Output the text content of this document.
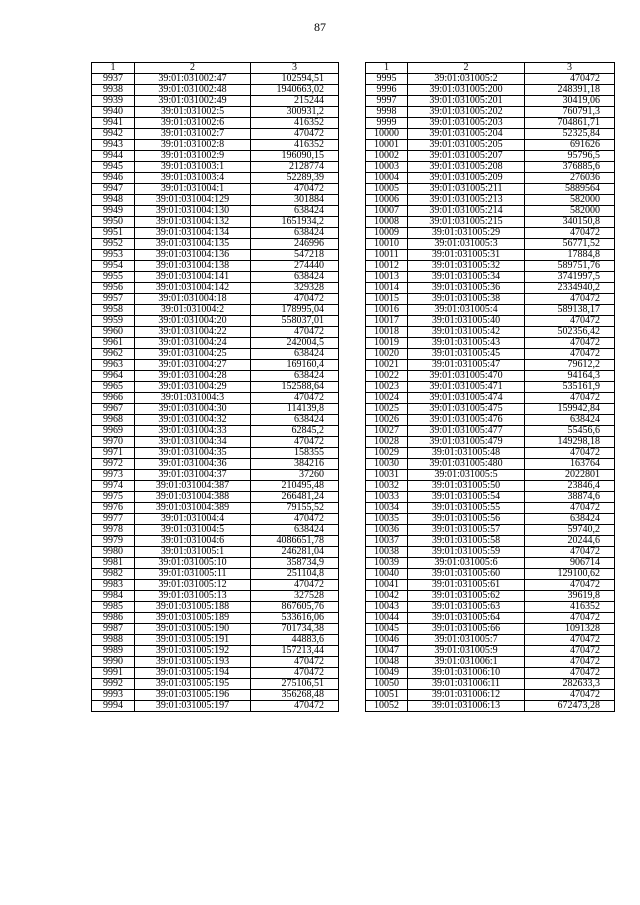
87
1	2	3
9937	39:01:031002:47	102594,51
9938	39:01:031002:48	1940663,02
9939	39:01:031002:49	215244
9940	39:01:031002:5	300931,2
9941	39:01:031002:6	416352
9942	39:01:031002:7	470472
9943	39:01:031002:8	416352
9944	39:01:031002:9	196090,15
9945	39:01:031003:1	2128774
9946	39:01:031003:4	52289,39
9947	39:01:031004:1	470472
9948	39:01:031004:129	301884
9949	39:01:031004:130	638424
9950	39:01:031004:132	1651934,2
9951	39:01:031004:134	638424
9952	39:01:031004:135	246996
9953	39:01:031004:136	547218
9954	39:01:031004:138	274440
9955	39:01:031004:141	638424
9956	39:01:031004:142	329328
9957	39:01:031004:18	470472
9958	39:01:031004:2	178995,04
9959	39:01:031004:20	558037,01
9960	39:01:031004:22	470472
9961	39:01:031004:24	242004,5
9962	39:01:031004:25	638424
9963	39:01:031004:27	169160,4
9964	39:01:031004:28	638424
9965	39:01:031004:29	152588,64
9966	39:01:031004:3	470472
9967	39:01:031004:30	114139,8
9968	39:01:031004:32	638424
9969	39:01:031004:33	62845,2
9970	39:01:031004:34	470472
9971	39:01:031004:35	158355
9972	39:01:031004:36	384216
9973	39:01:031004:37	37260
9974	39:01:031004:387	210495,48
9975	39:01:031004:388	266481,24
9976	39:01:031004:389	79155,52
9977	39:01:031004:4	470472
9978	39:01:031004:5	638424
9979	39:01:031004:6	4086651,78
9980	39:01:031005:1	246281,04
9981	39:01:031005:10	358734,9
9982	39:01:031005:11	251104,8
9983	39:01:031005:12	470472
9984	39:01:031005:13	327528
9985	39:01:031005:188	867605,76
9986	39:01:031005:189	533616,06
9987	39:01:031005:190	701734,38
9988	39:01:031005:191	44883,6
9989	39:01:031005:192	157213,44
9990	39:01:031005:193	470472
9991	39:01:031005:194	470472
9992	39:01:031005:195	275106,51
9993	39:01:031005:196	356268,48
9994	39:01:031005:197	470472
1	2	3
9995	39:01:031005:2	470472
9996	39:01:031005:200	248391,18
9997	39:01:031005:201	30419,06
9998	39:01:031005:202	760791,3
9999	39:01:031005:203	704861,71
10000	39:01:031005:204	52325,84
10001	39:01:031005:205	691626
10002	39:01:031005:207	95796,5
10003	39:01:031005:208	376885,6
10004	39:01:031005:209	276036
10005	39:01:031005:211	5889564
10006	39:01:031005:213	582000
10007	39:01:031005:214	582000
10008	39:01:031005:215	340150,8
10009	39:01:031005:29	470472
10010	39:01:031005:3	56771,52
10011	39:01:031005:31	17884,8
10012	39:01:031005:32	589751,76
10013	39:01:031005:34	3741997,5
10014	39:01:031005:36	2334940,2
10015	39:01:031005:38	470472
10016	39:01:031005:4	589138,17
10017	39:01:031005:40	470472
10018	39:01:031005:42	502356,42
10019	39:01:031005:43	470472
10020	39:01:031005:45	470472
10021	39:01:031005:47	79612,2
10022	39:01:031005:470	94164,3
10023	39:01:031005:471	535161,9
10024	39:01:031005:474	470472
10025	39:01:031005:475	159942,84
10026	39:01:031005:476	638424
10027	39:01:031005:477	55456,6
10028	39:01:031005:479	149298,18
10029	39:01:031005:48	470472
10030	39:01:031005:480	163764
10031	39:01:031005:5	2022801
10032	39:01:031005:50	23846,4
10033	39:01:031005:54	38874,6
10034	39:01:031005:55	470472
10035	39:01:031005:56	638424
10036	39:01:031005:57	59740,2
10037	39:01:031005:58	20244,6
10038	39:01:031005:59	470472
10039	39:01:031005:6	906714
10040	39:01:031005:60	129100,62
10041	39:01:031005:61	470472
10042	39:01:031005:62	39619,8
10043	39:01:031005:63	416352
10044	39:01:031005:64	470472
10045	39:01:031005:66	1091328
10046	39:01:031005:7	470472
10047	39:01:031005:9	470472
10048	39:01:031006:1	470472
10049	39:01:031006:10	470472
10050	39:01:031006:11	282633,3
10051	39:01:031006:12	470472
10052	39:01:031006:13	672473,28
